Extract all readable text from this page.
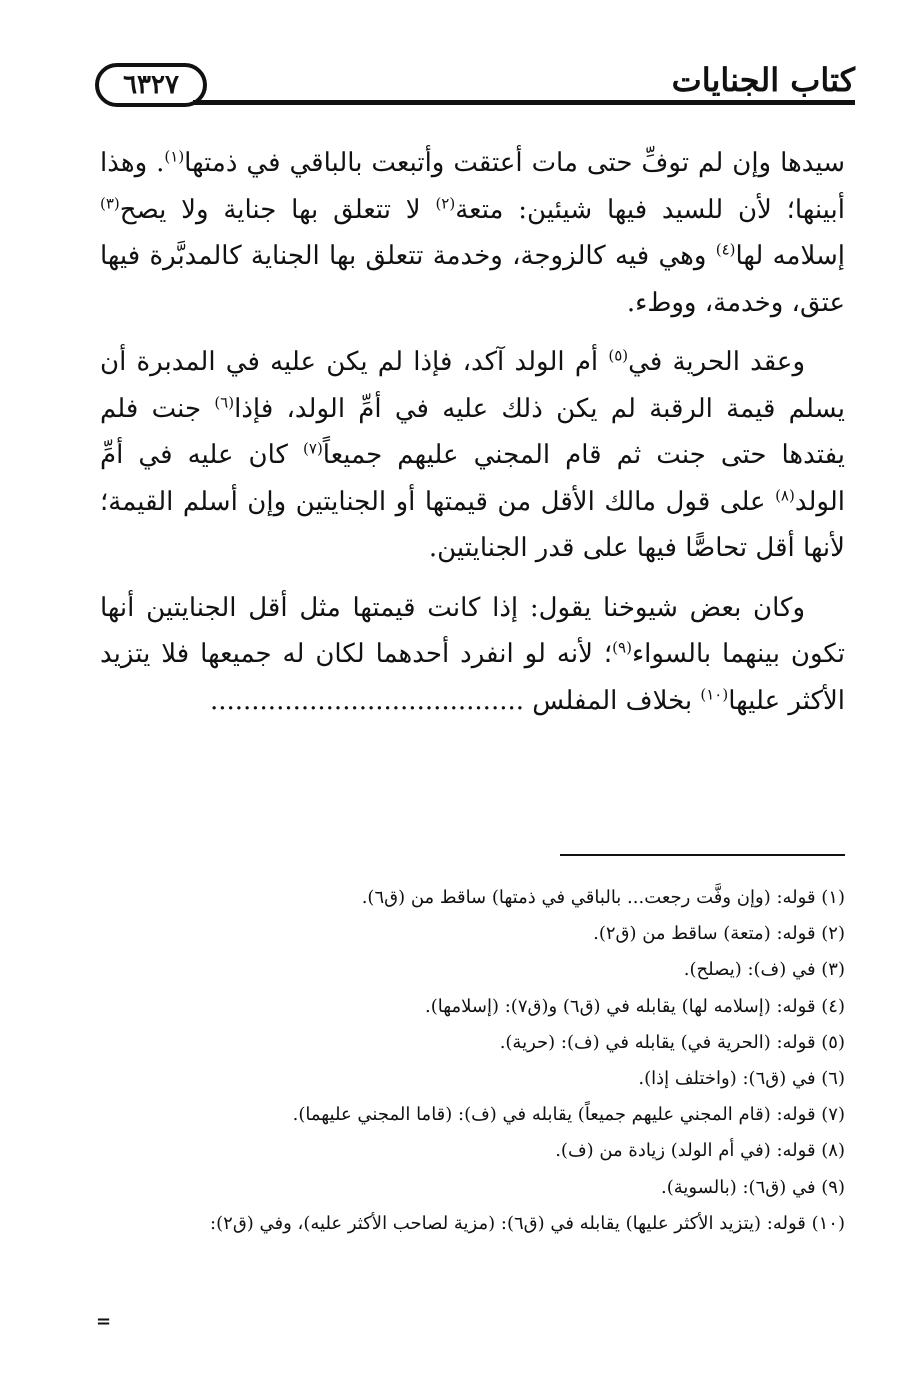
٦٣٢٧	كتاب الجنايات

سيدها وإن لم توفِّ حتى مات أعتقت وأتبعت بالباقي في ذمتها$^{(١)}$. وهذا أبينها؛ لأن للسيد فيها شيئين: متعة$^{(٢)}$ لا تتعلق بها جناية ولا يصح$^{(٣)}$ إسلامه لها$^{(٤)}$ وهي فيه كالزوجة، وخدمة تتعلق بها الجناية كالمدبَّرة فيها عتق، وخدمة، ووطء.

وعقد الحرية في$^{(٥)}$ أم الولد آكد، فإذا لم يكن عليه في المدبرة أن يسلم قيمة الرقبة لم يكن ذلك عليه في أمِّ الولد، فإذا$^{(٦)}$ جنت فلم يفتدها حتى جنت ثم قام المجني عليهم جميعاً$^{(٧)}$ كان عليه في أمِّ الولد$^{(٨)}$ على قول مالك الأقل من قيمتها أو الجنايتين وإن أسلم القيمة؛ لأنها أقل تحاصًّا فيها على قدر الجنايتين.

وكان بعض شيوخنا يقول: إذا كانت قيمتها مثل أقل الجنايتين أنها تكون بينهما بالسواء$^{(٩)}$؛ لأنه لو انفرد أحدهما لكان له جميعها فلا يتزيد الأكثر عليها$^{(١٠)}$ بخلاف المفلس ......................................

(١) قوله: (وإن وفَّت رجعت... بالباقي في ذمتها) ساقط من (ق٦).
(٢) قوله: (متعة) ساقط من (ق٢).
(٣) في (ف): (يصلح).
(٤) قوله: (إسلامه لها) يقابله في (ق٦) و(ق٧): (إسلامها).
(٥) قوله: (الحرية في) يقابله في (ف): (حرية).
(٦) في (ق٦): (واختلف إذا).
(٧) قوله: (قام المجني عليهم جميعاً) يقابله في (ف): (قاما المجني عليهما).
(٨) قوله: (في أم الولد) زيادة من (ف).
(٩) في (ق٦): (بالسوية).
(١٠) قوله: (يتزيد الأكثر عليها) يقابله في (ق٦): (مزية لصاحب الأكثر عليه)، وفي (ق٢):
=
